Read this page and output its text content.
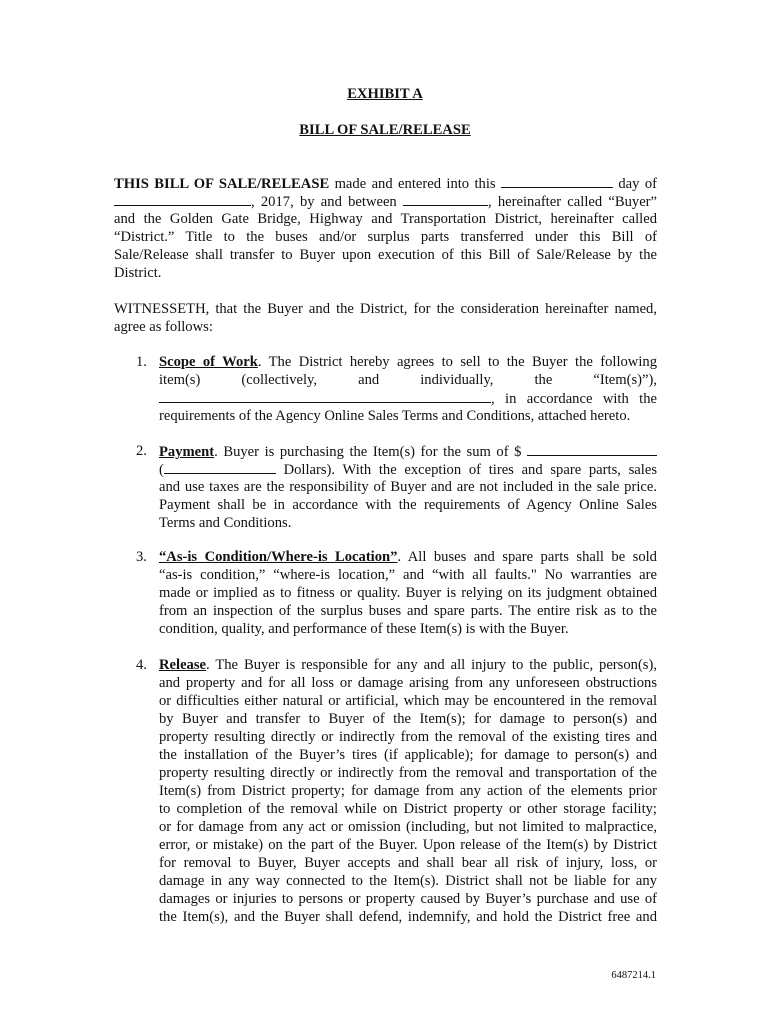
EXHIBIT A
BILL OF SALE/RELEASE
THIS BILL OF SALE/RELEASE made and entered into this	day of
, 2017, by and between	, hereinafter called “Buyer”
and the Golden Gate Bridge, Highway and Transportation District, hereinafter called
“District.” Title to the buses and/or surplus parts transferred under this Bill of
Sale/Release shall transfer to Buyer upon execution of this Bill of Sale/Release by the
District.
WITNESSETH, that the Buyer and the District, for the consideration hereinafter named,
agree as follows:
1. Scope of Work. The District hereby agrees to sell to the Buyer the following
item(s) (collectively, and individually, the “Item(s)”),
, in accordance with the
requirements of the Agency Online Sales Terms and Conditions, attached hereto.
2. Payment. Buyer is purchasing the Item(s) for the sum of $
(	Dollars). With the exception of tires and spare parts, sales
and use taxes are the responsibility of Buyer and are not included in the sale price.
Payment shall be in accordance with the requirements of Agency Online Sales
Terms and Conditions.
3. “As-is Condition/Where-is Location”. All buses and spare parts shall be sold
“as-is condition,” “where-is location,” and “with all faults." No warranties are
made or implied as to fitness or quality. Buyer is relying on its judgment obtained
from an inspection of the surplus buses and spare parts. The entire risk as to the
condition, quality, and performance of these Item(s) is with the Buyer.
4. Release. The Buyer is responsible for any and all injury to the public, person(s),
and property and for all loss or damage arising from any unforeseen obstructions
or difficulties either natural or artificial, which may be encountered in the removal
by Buyer and transfer to Buyer of the Item(s); for damage to person(s) and
property resulting directly or indirectly from the removal of the existing tires and
the installation of the Buyer’s tires (if applicable); for damage to person(s) and
property resulting directly or indirectly from the removal and transportation of the
Item(s) from District property; for damage from any action of the elements prior
to completion of the removal while on District property or other storage facility;
or for damage from any act or omission (including, but not limited to malpractice,
error, or mistake) on the part of the Buyer. Upon release of the Item(s) by District
for removal to Buyer, Buyer accepts and shall bear all risk of injury, loss, or
damage in any way connected to the Item(s). District shall not be liable for any
damages or injuries to persons or property caused by Buyer’s purchase and use of
the Item(s), and the Buyer shall defend, indemnify, and hold the District free and
6487214.1
